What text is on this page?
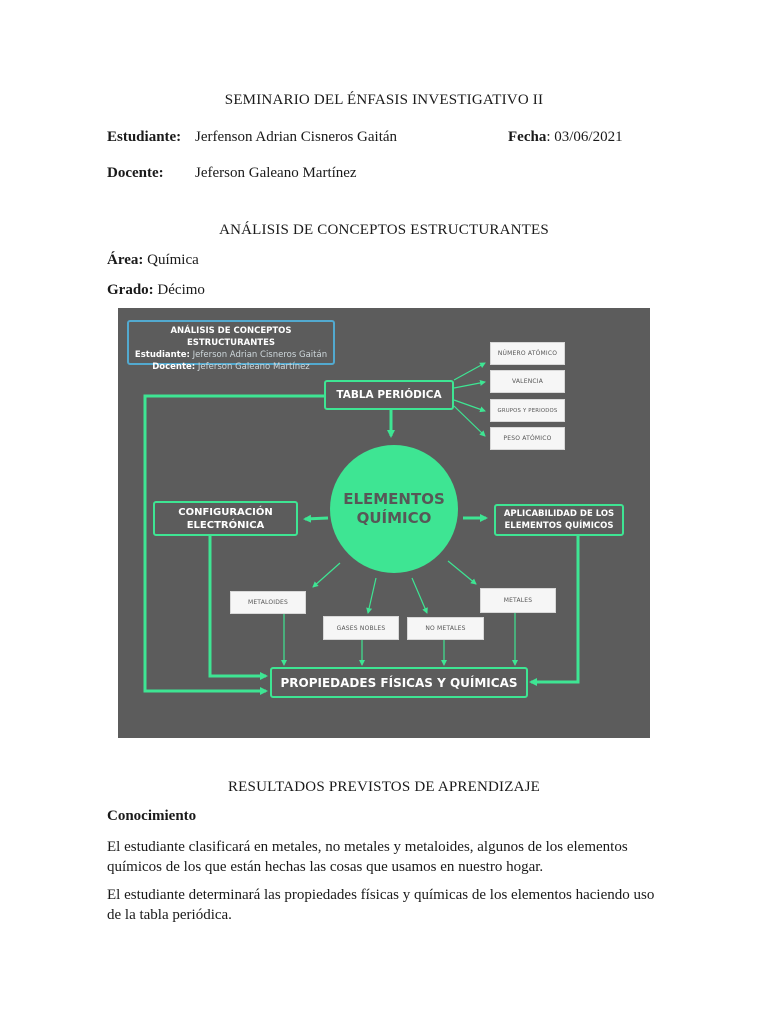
SEMINARIO DEL ÉNFASIS INVESTIGATIVO II
Estudiante: Jerfenson Adrian Cisneros Gaitán	Fecha: 03/06/2021
Docente: Jeferson Galeano Martínez
ANÁLISIS DE CONCEPTOS ESTRUCTURANTES
Área: Química
Grado: Décimo
ANÁLISIS DE CONCEPTOS ESTRUCTURANTES
Estudiante: Jeferson Adrian Cisneros Gaitán
Docente: Jeferson Galeano Martínez
TABLA PERIÓDICA
NÚMERO ATÓMICO
VALENCIA
GRUPOS Y PERIODOS
PESO ATÓMICO
ELEMENTOS
QUÍMICO
CONFIGURACIÓN ELECTRÓNICA
APLICABILIDAD DE LOS ELEMENTOS QUÍMICOS
METALOIDES
GASES NOBLES	NO METALES
METALES
PROPIEDADES FÍSICAS Y QUÍMICAS
RESULTADOS PREVISTOS DE APRENDIZAJE
Conocimiento
El estudiante clasificará en metales, no metales y metaloides, algunos de los elementos químicos de los que están hechas las cosas que usamos en nuestro hogar.
El estudiante determinará las propiedades físicas y químicas de los elementos haciendo uso de la tabla periódica.
